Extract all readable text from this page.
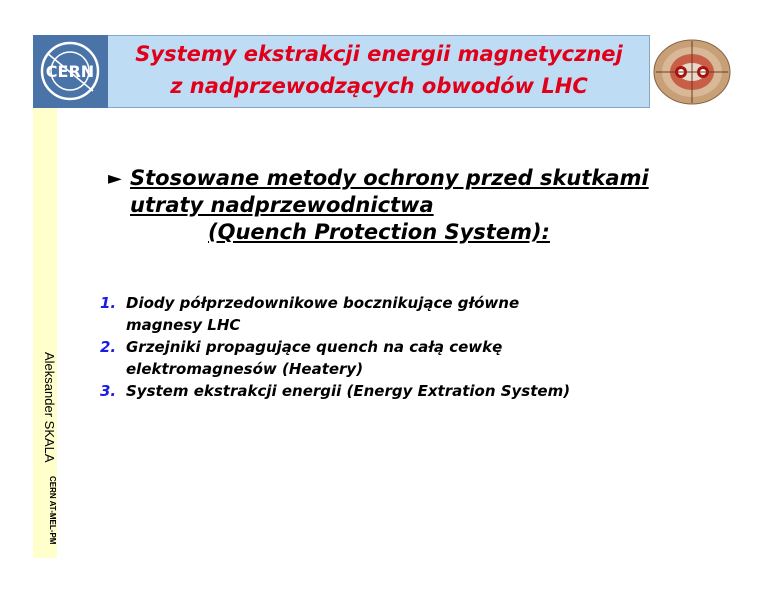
CERN
Systemy ekstrakcji energii magnetycznej
z nadprzewodzących obwodów LHC
Aleksander SKALA
CERN AT-MEL-PM
► Stosowane metody ochrony przed skutkami
utraty nadprzewodnictwa
(Quench Protection System):
1. Diody półprzedownikowe bocznikujące główne
magnesy LHC
2. Grzejniki propagujące quench na całą cewkę
elektromagnesów (Heatery)
3. System ekstrakcji energii (Energy Extration System)
